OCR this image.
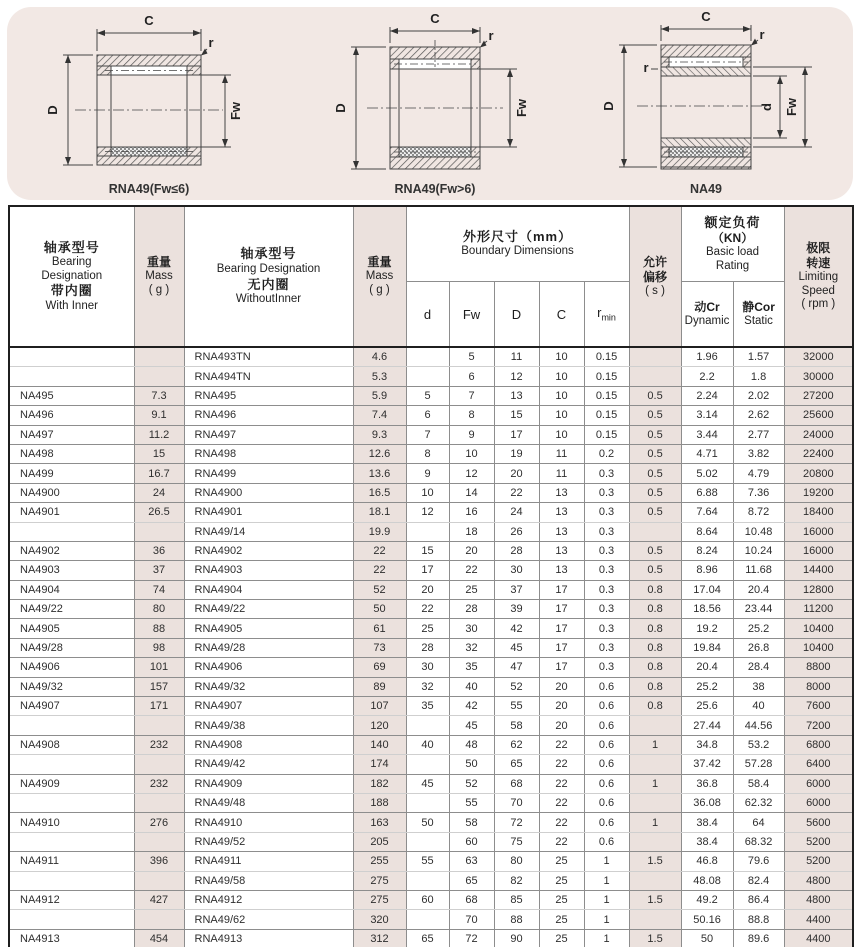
C
r
D	Fw
RNA49(Fw≤6)
C
r
D	Fw
RNA49(Fw>6)
C
r
r
D	d Fw
NA49
轴承型号
Bearing
Designation
带内圈
With Inner

重量
Mass
( g )

轴承型号
Bearing Designation
无内圈
WithoutInner

重量
Mass
( g )

外形尺寸（mm）
Boundary Dimensions

允许
偏移
( s )

额定负荷
（KN）
Basic load
Rating

极限
转速
Limiting
Speed
( rpm )

d	Fw	D	C	$r_{min}$	
动Cr
Dynamic

静Cor
Static

		RNA493TN	4.6		5	11	10	0.15		1.96	1.57	32000
		RNA494TN	5.3		6	12	10	0.15		2.2	1.8	30000
NA495	7.3	RNA495	5.9	5	7	13	10	0.15	0.5	2.24	2.02	27200
NA496	9.1	RNA496	7.4	6	8	15	10	0.15	0.5	3.14	2.62	25600
NA497	11.2	RNA497	9.3	7	9	17	10	0.15	0.5	3.44	2.77	24000
NA498	15	RNA498	12.6	8	10	19	11	0.2	0.5	4.71	3.82	22400
NA499	16.7	RNA499	13.6	9	12	20	11	0.3	0.5	5.02	4.79	20800
NA4900	24	RNA4900	16.5	10	14	22	13	0.3	0.5	6.88	7.36	19200
NA4901	26.5	RNA4901	18.1	12	16	24	13	0.3	0.5	7.64	8.72	18400
		RNA49/14	19.9		18	26	13	0.3		8.64	10.48	16000
NA4902	36	RNA4902	22	15	20	28	13	0.3	0.5	8.24	10.24	16000
NA4903	37	RNA4903	22	17	22	30	13	0.3	0.5	8.96	11.68	14400
NA4904	74	RNA4904	52	20	25	37	17	0.3	0.8	17.04	20.4	12800
NA49/22	80	RNA49/22	50	22	28	39	17	0.3	0.8	18.56	23.44	11200
NA4905	88	RNA4905	61	25	30	42	17	0.3	0.8	19.2	25.2	10400
NA49/28	98	RNA49/28	73	28	32	45	17	0.3	0.8	19.84	26.8	10400
NA4906	101	RNA4906	69	30	35	47	17	0.3	0.8	20.4	28.4	8800
NA49/32	157	RNA49/32	89	32	40	52	20	0.6	0.8	25.2	38	8000
NA4907	171	RNA4907	107	35	42	55	20	0.6	0.8	25.6	40	7600
		RNA49/38	120		45	58	20	0.6		27.44	44.56	7200
NA4908	232	RNA4908	140	40	48	62	22	0.6	1	34.8	53.2	6800
		RNA49/42	174		50	65	22	0.6		37.42	57.28	6400
NA4909	232	RNA4909	182	45	52	68	22	0.6	1	36.8	58.4	6000
		RNA49/48	188		55	70	22	0.6		36.08	62.32	6000
NA4910	276	RNA4910	163	50	58	72	22	0.6	1	38.4	64	5600
		RNA49/52	205		60	75	22	0.6		38.4	68.32	5200
NA4911	396	RNA4911	255	55	63	80	25	1	1.5	46.8	79.6	5200
		RNA49/58	275		65	82	25	1		48.08	82.4	4800
NA4912	427	RNA4912	275	60	68	85	25	1	1.5	49.2	86.4	4800
		RNA49/62	320		70	88	25	1		50.16	88.8	4400
NA4913	454	RNA4913	312	65	72	90	25	1	1.5	50	89.6	4400
